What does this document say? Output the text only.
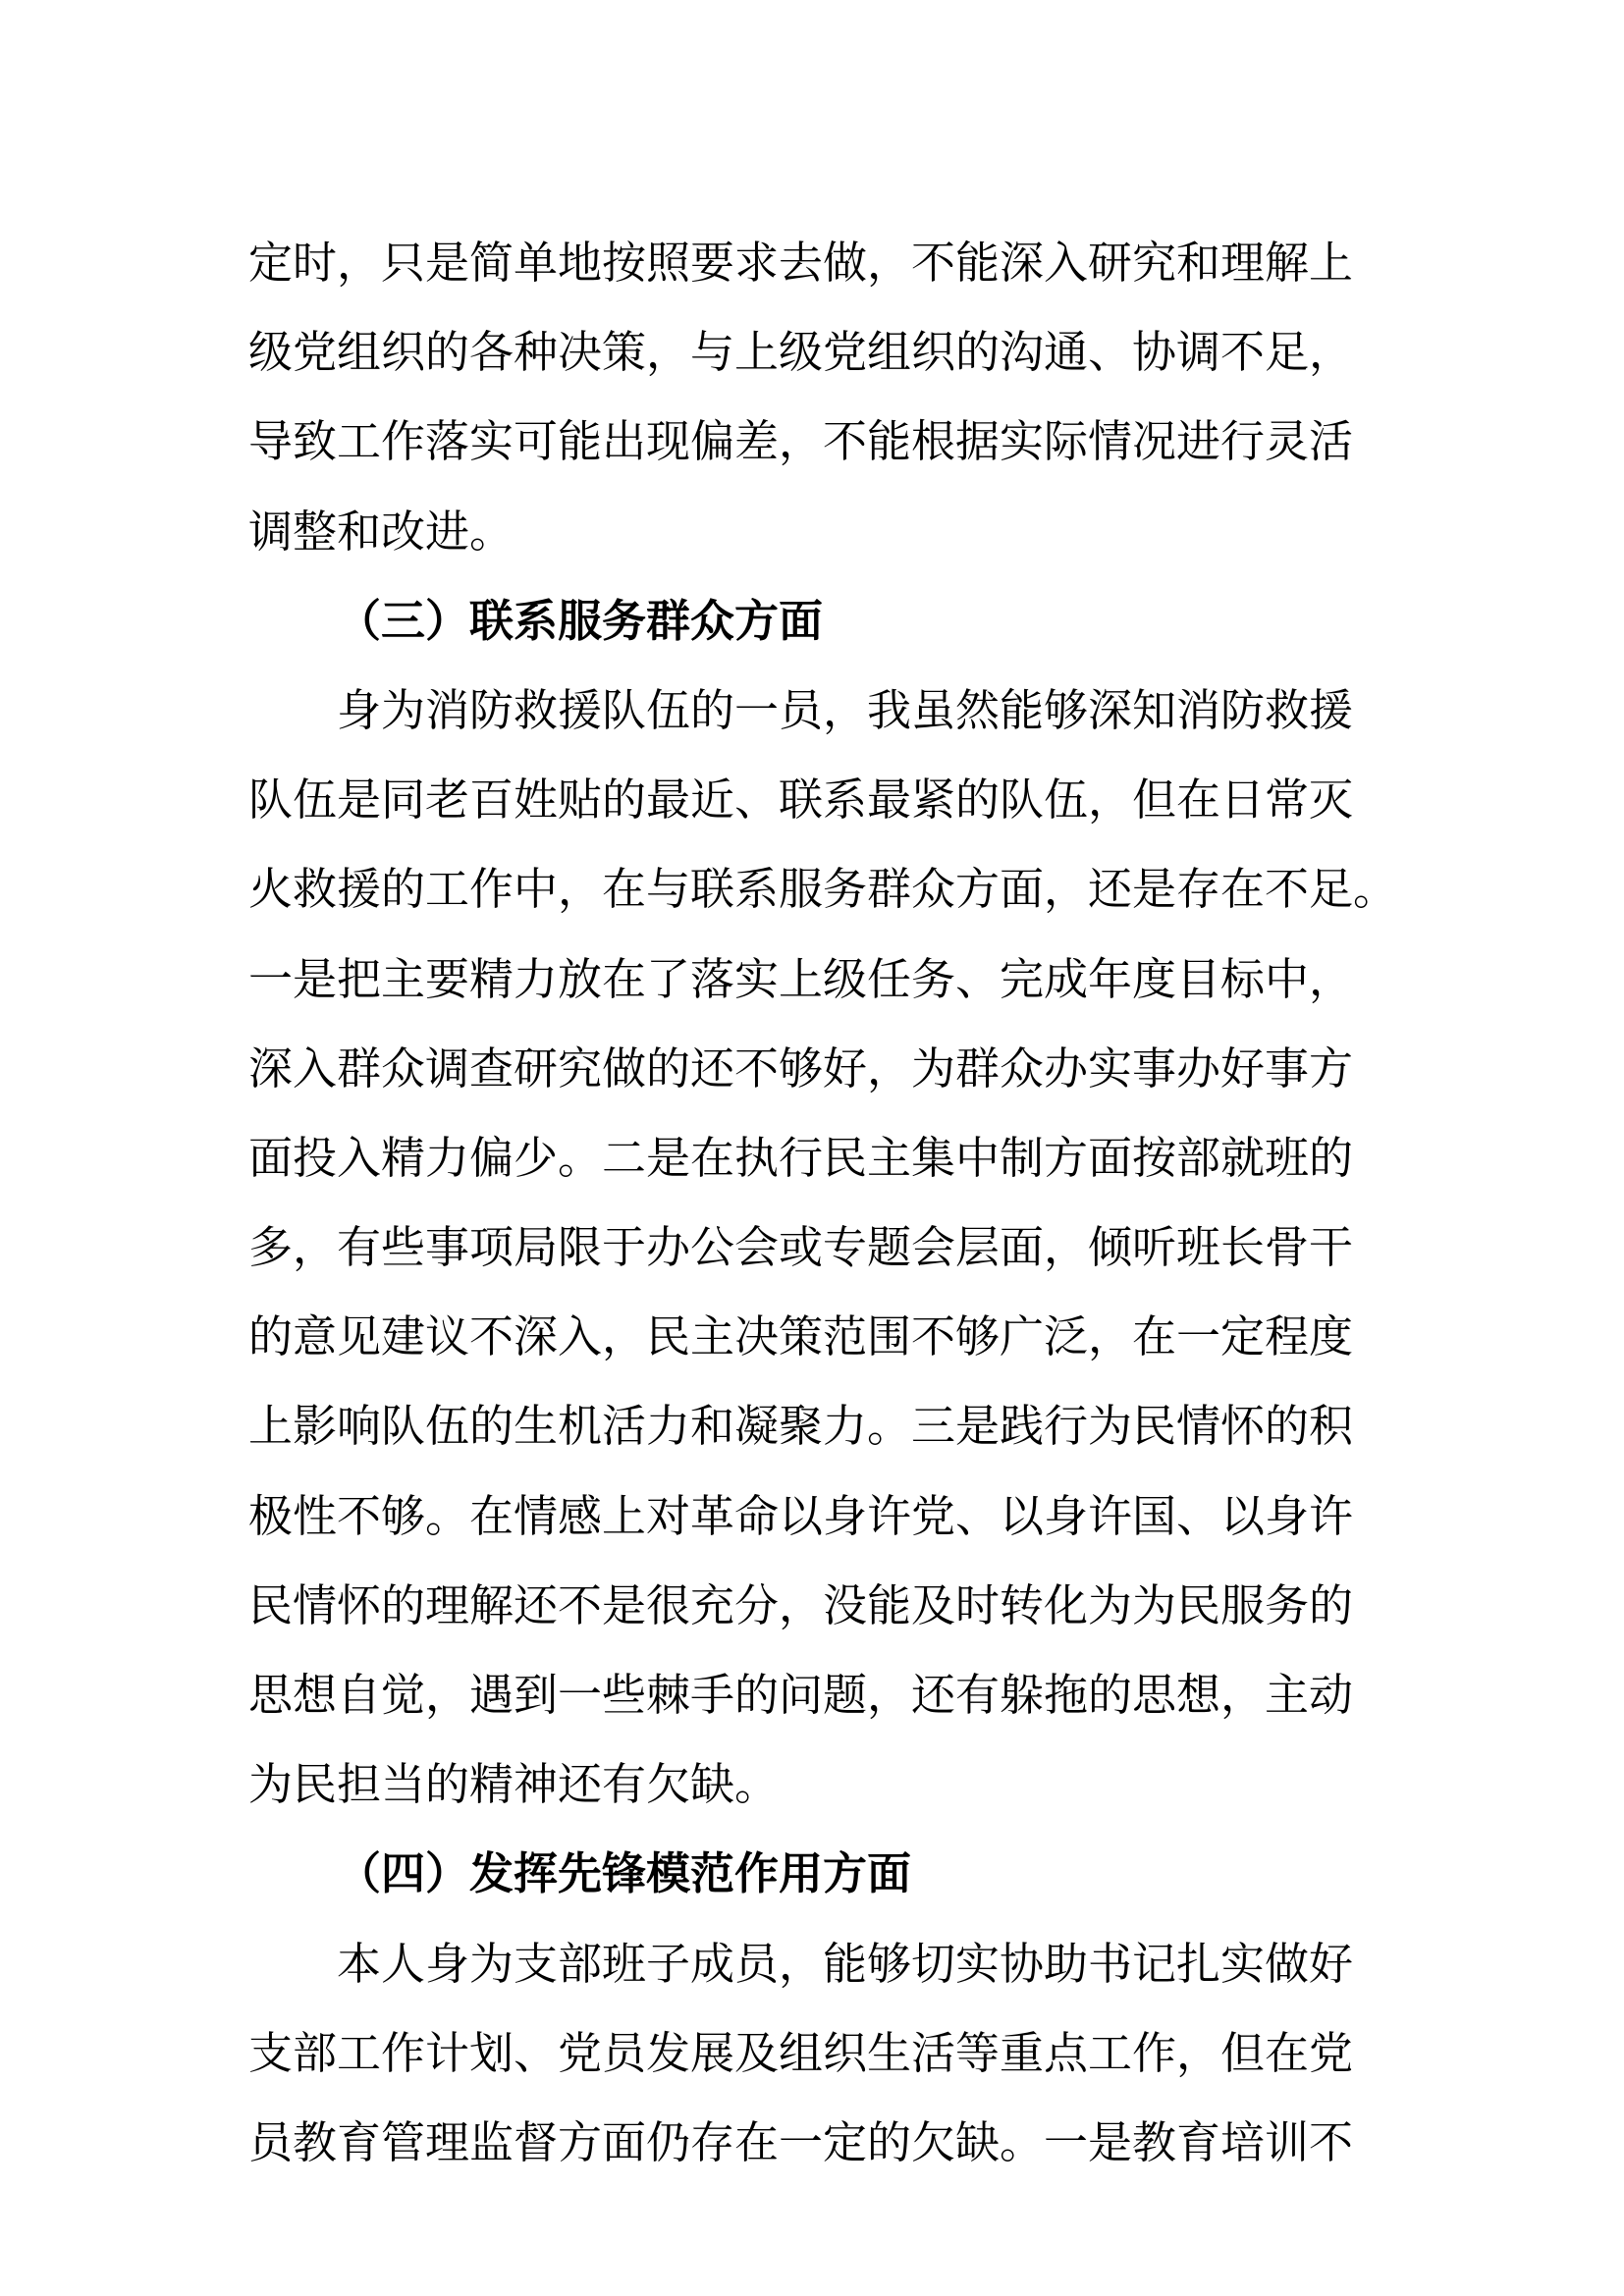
定时，只是简单地按照要求去做，不能深入研究和理解上
级党组织的各种决策，与上级党组织的沟通、协调不足，
导致工作落实可能出现偏差，不能根据实际情况进行灵活
调整和改进。
（三）联系服务群众方面
身为消防救援队伍的一员，我虽然能够深知消防救援
队伍是同老百姓贴的最近、联系最紧的队伍，但在日常灭
火救援的工作中，在与联系服务群众方面，还是存在不足。
一是把主要精力放在了落实上级任务、完成年度目标中，
深入群众调查研究做的还不够好，为群众办实事办好事方
面投入精力偏少。二是在执行民主集中制方面按部就班的
多，有些事项局限于办公会或专题会层面，倾听班长骨干
的意见建议不深入，民主决策范围不够广泛，在一定程度
上影响队伍的生机活力和凝聚力。三是践行为民情怀的积
极性不够。在情感上对革命以身许党、以身许国、以身许
民情怀的理解还不是很充分，没能及时转化为为民服务的
思想自觉，遇到一些棘手的问题，还有躲拖的思想，主动
为民担当的精神还有欠缺。
（四）发挥先锋模范作用方面
本人身为支部班子成员，能够切实协助书记扎实做好
支部工作计划、党员发展及组织生活等重点工作，但在党
员教育管理监督方面仍存在一定的欠缺。一是教育培训不
